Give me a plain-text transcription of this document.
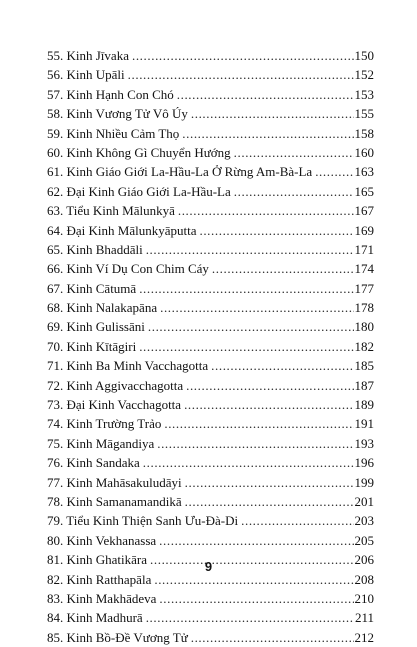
55. Kinh Jīvaka .....	150
56. Kinh Upāli .....	152
57. Kinh Hạnh Con Chó .....	153
58. Kinh Vương Tử Vô Úy .....	155
59. Kinh Nhiều Cảm Thọ .....	158
60. Kinh Không Gì Chuyển Hướng .....	160
61. Kinh Giáo Giới La-Hầu-La Ở Rừng Am-Bà-La .....	163
62. Đại Kinh Giáo Giới La-Hầu-La .....	165
63. Tiểu Kinh Mālunkyā .....	167
64. Đại Kinh Mālunkyāputta .....	169
65. Kinh Bhaddāli .....	171
66. Kinh Ví Dụ Con Chim Cáy .....	174
67. Kinh Cātumā .....	177
68. Kinh Nalakapāna .....	178
69. Kinh Gulissāni .....	180
70. Kinh Kītāgiri .....	182
71. Kinh Ba Minh Vacchagotta .....	185
72. Kinh Aggivacchagotta .....	187
73. Đại Kinh Vacchagotta .....	189
74. Kinh Trường Trảo .....	191
75. Kinh Māgandiya .....	193
76. Kinh Sandaka .....	196
77. Kinh Mahāsakuludāyi .....	199
78. Kinh Samanamandikā .....	201
79. Tiểu Kinh Thiện Sanh Ưu-Đà-Di .....	203
80. Kinh Vekhanassa .....	205
81. Kinh Ghatikāra .....	206
82. Kinh Ratthapāla .....	208
83. Kinh Makhādeva .....	210
84. Kinh Madhurā .....	211
85. Kinh Bồ-Đề Vương Tử .....	212
9
